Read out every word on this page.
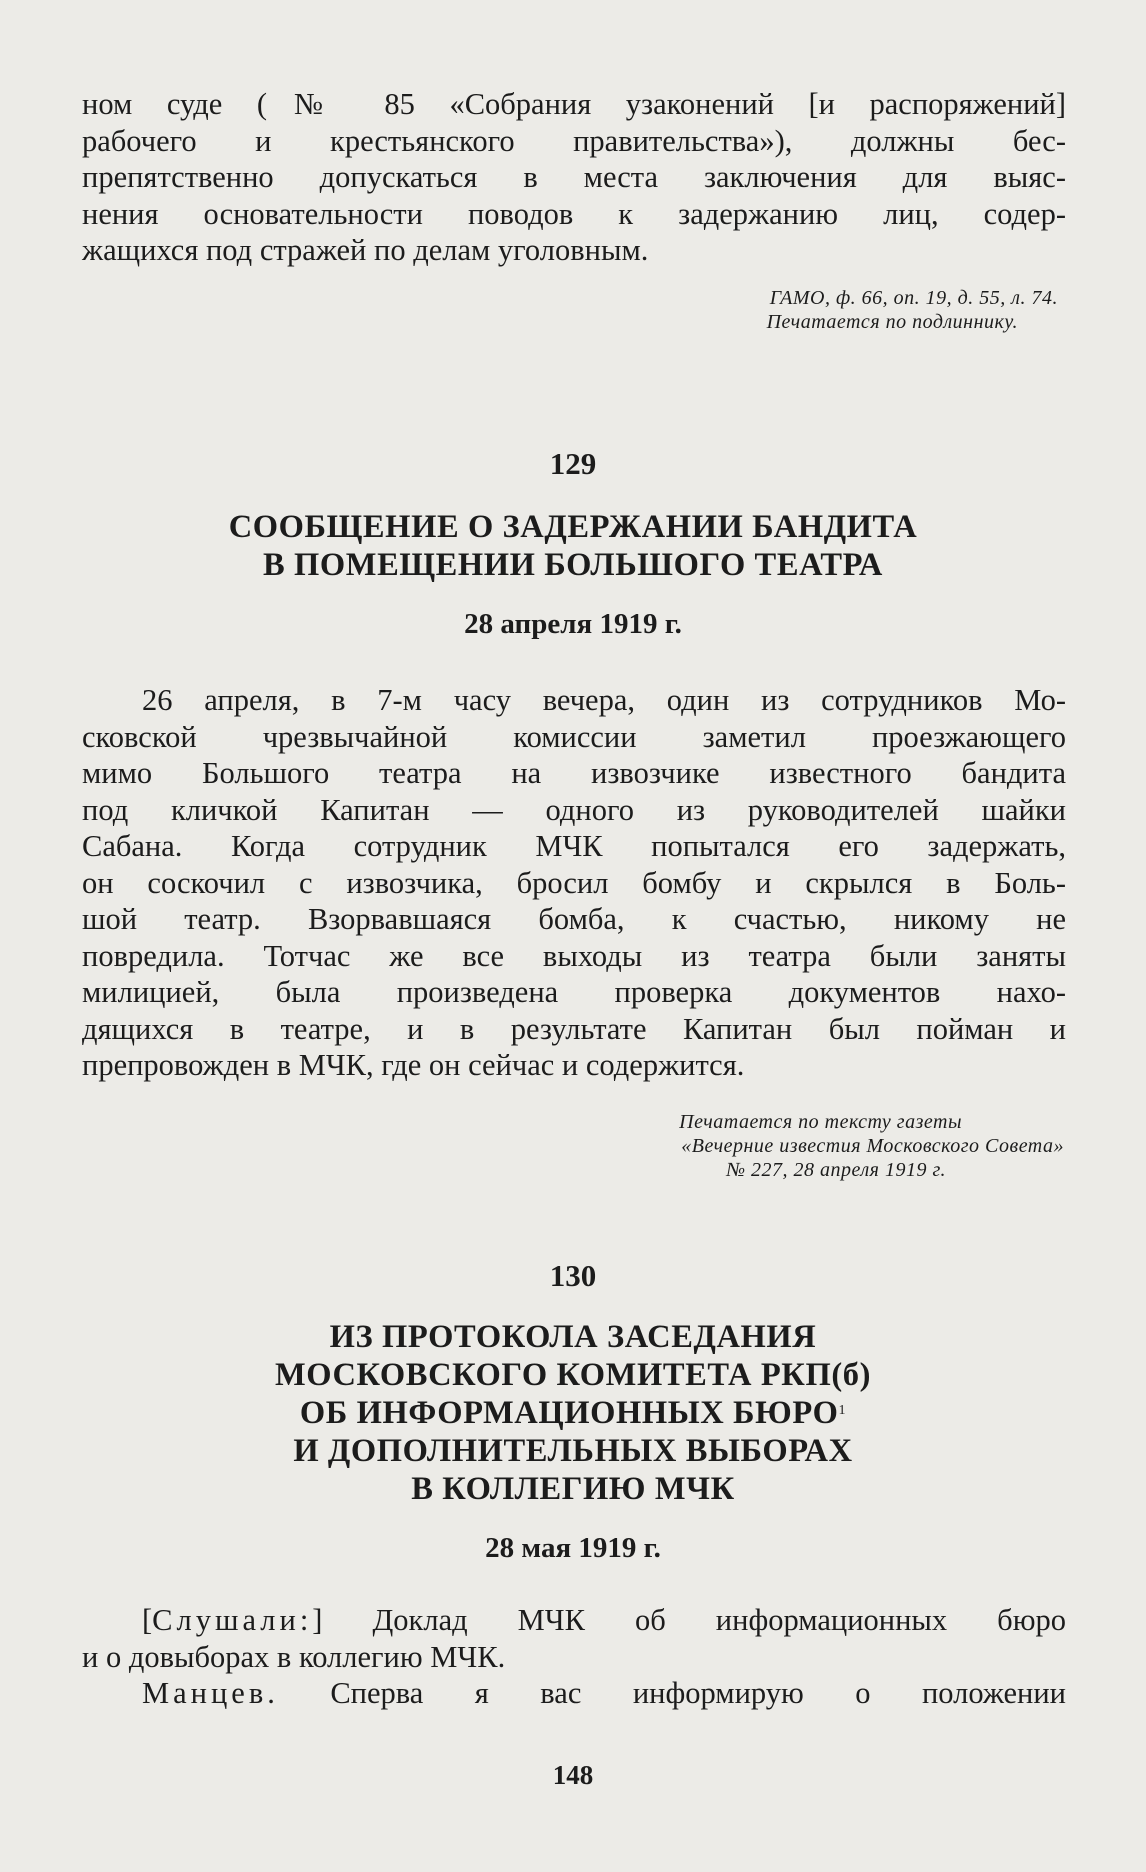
ном суде (№ 85 «Собрания узаконений [и распоряжений]
рабочего и крестьянского правительства»), должны бес-
препятственно допускаться в места заключения для выяс-
нения основательности поводов к задержанию лиц, содер-
жащихся под стражей по делам уголовным.
ГАМО, ф. 66, оп. 19, д. 55, л. 74.
Печатается по подлиннику.
129
СООБЩЕНИЕ О ЗАДЕРЖАНИИ БАНДИТА
В ПОМЕЩЕНИИ БОЛЬШОГО ТЕАТРА
28 апреля 1919 г.
26 апреля, в 7-м часу вечера, один из сотрудников Мо-
сковской чрезвычайной комиссии заметил проезжающего
мимо Большого театра на извозчике известного бандита
под кличкой Капитан — одного из руководителей шайки
Сабана. Когда сотрудник МЧК попытался его задержать,
он соскочил с извозчика, бросил бомбу и скрылся в Боль-
шой театр. Взорвавшаяся бомба, к счастью, никому не
повредила. Тотчас же все выходы из театра были заняты
милицией, была произведена проверка документов нахо-
дящихся в театре, и в результате Капитан был пойман и
препровожден в МЧК, где он сейчас и содержится.
Печатается по тексту газеты
«Вечерние известия Московского Совета»
№ 227, 28 апреля 1919 г.
130
ИЗ ПРОТОКОЛА ЗАСЕДАНИЯ
МОСКОВСКОГО КОМИТЕТА РКП(б)
ОБ ИНФОРМАЦИОННЫХ БЮРО$^1$
И ДОПОЛНИТЕЛЬНЫХ ВЫБОРАХ
В КОЛЛЕГИЮ МЧК
28 мая 1919 г.
[Слушали:] Доклад МЧК об информационных бюро
и о довыборах в коллегию МЧК.
Манцев. Сперва я вас информирую о положении
148
